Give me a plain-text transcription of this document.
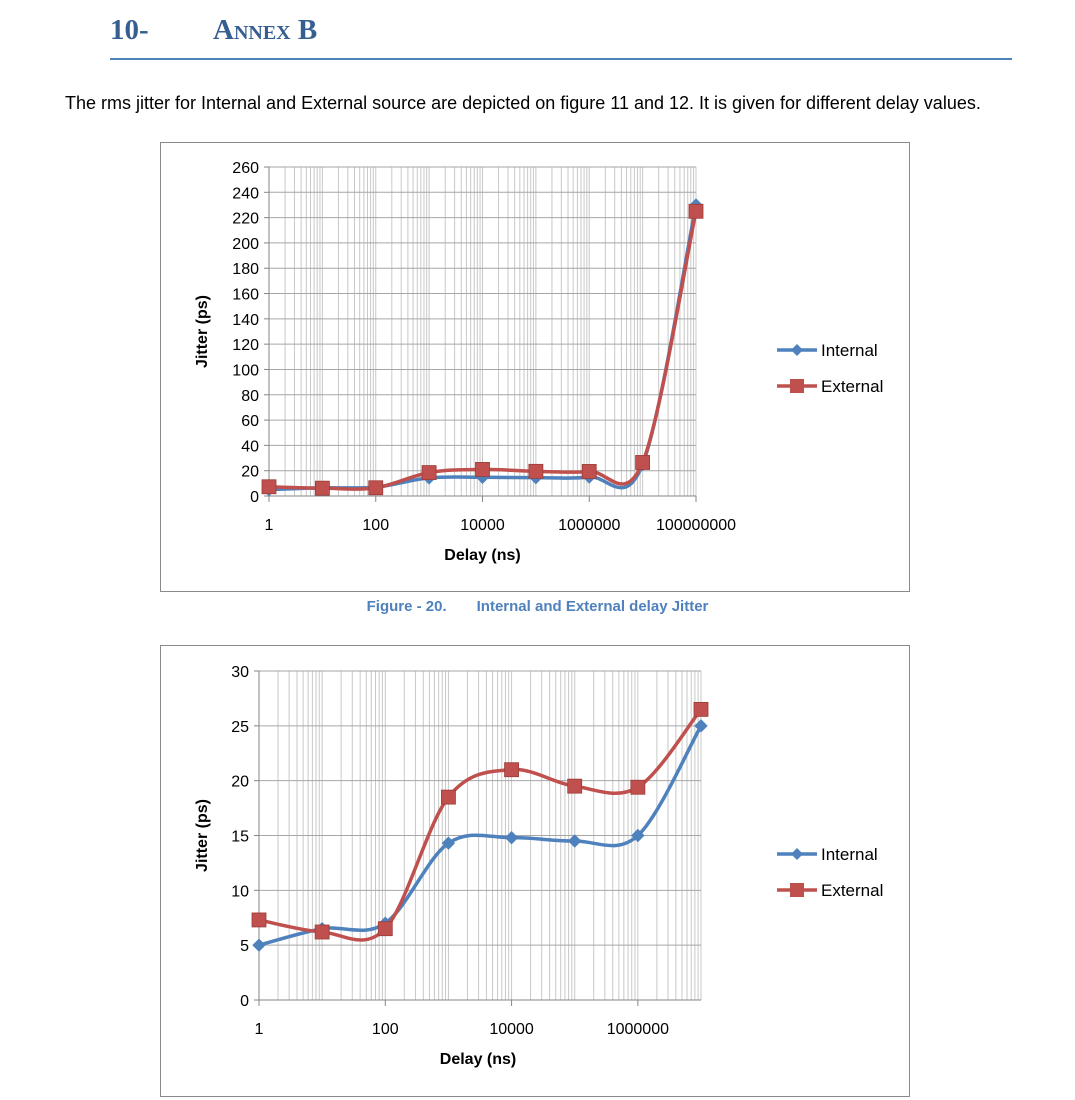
10- Annex B
The rms jitter for Internal and External source are depicted on figure 11 and 12. It is given for different delay values.
0
20
40
60
80
100
120
140
160
180
200
220
240
260
1	100	10000	1000000 100000000
Delay (ns)
Jitter (ps)	Internal
External
Figure - 20. Internal and External delay Jitter
0
5
10
15
20
25
30
1	100	10000	1000000
Delay (ns)
Jitter (ps)	Internal
External
